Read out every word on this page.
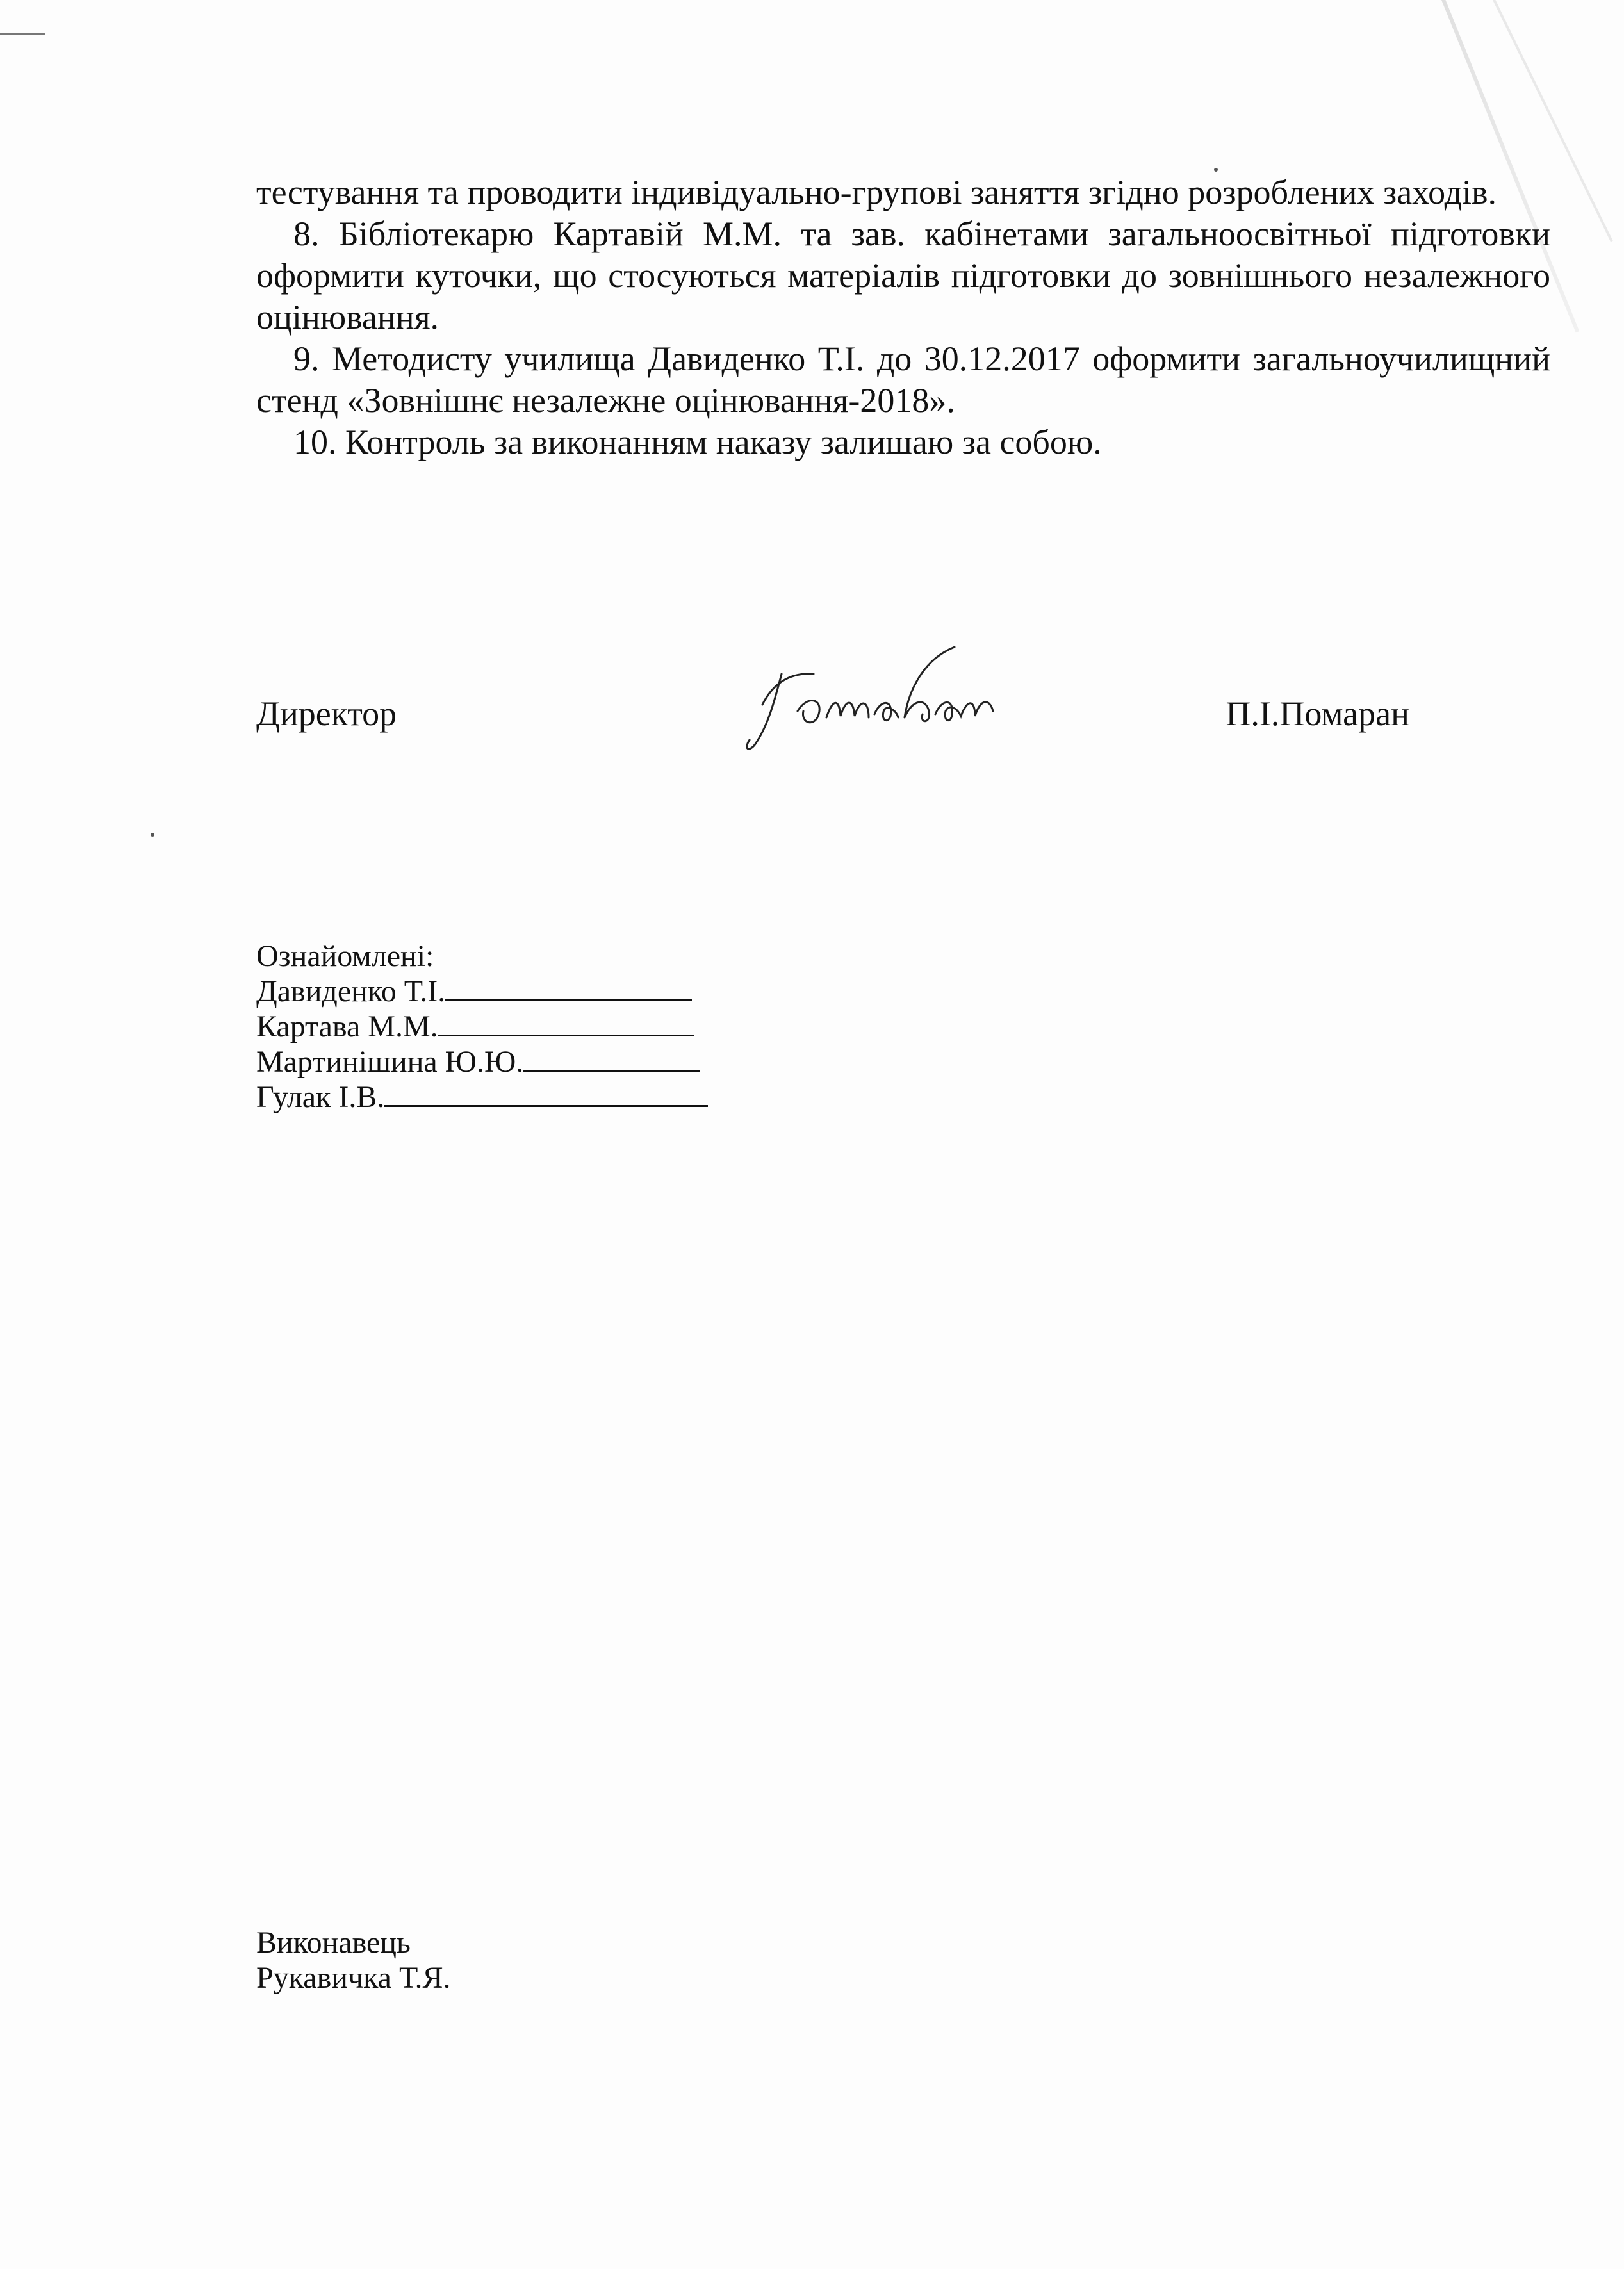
тестування та проводити індивідуально-групові заняття згідно розроблених заходів.

8. Бібліотекарю Картавій М.М. та зав. кабінетами загальноосвітньої підготовки оформити куточки, що стосуються матеріалів підготовки до зовнішнього незалежного оцінювання.

9. Методисту училища Давиденко Т.І. до 30.12.2017 оформити загальноучилищний стенд «Зовнішнє незалежне оцінювання-2018».

10. Контроль за виконанням наказу залишаю за собою.

Директор	П.І.Помаран
Ознайомлені:
Давиденко Т.І.
Картава М.М.
Мартинішина Ю.Ю.
Гулак І.В.
Виконавець
Рукавичка Т.Я.
